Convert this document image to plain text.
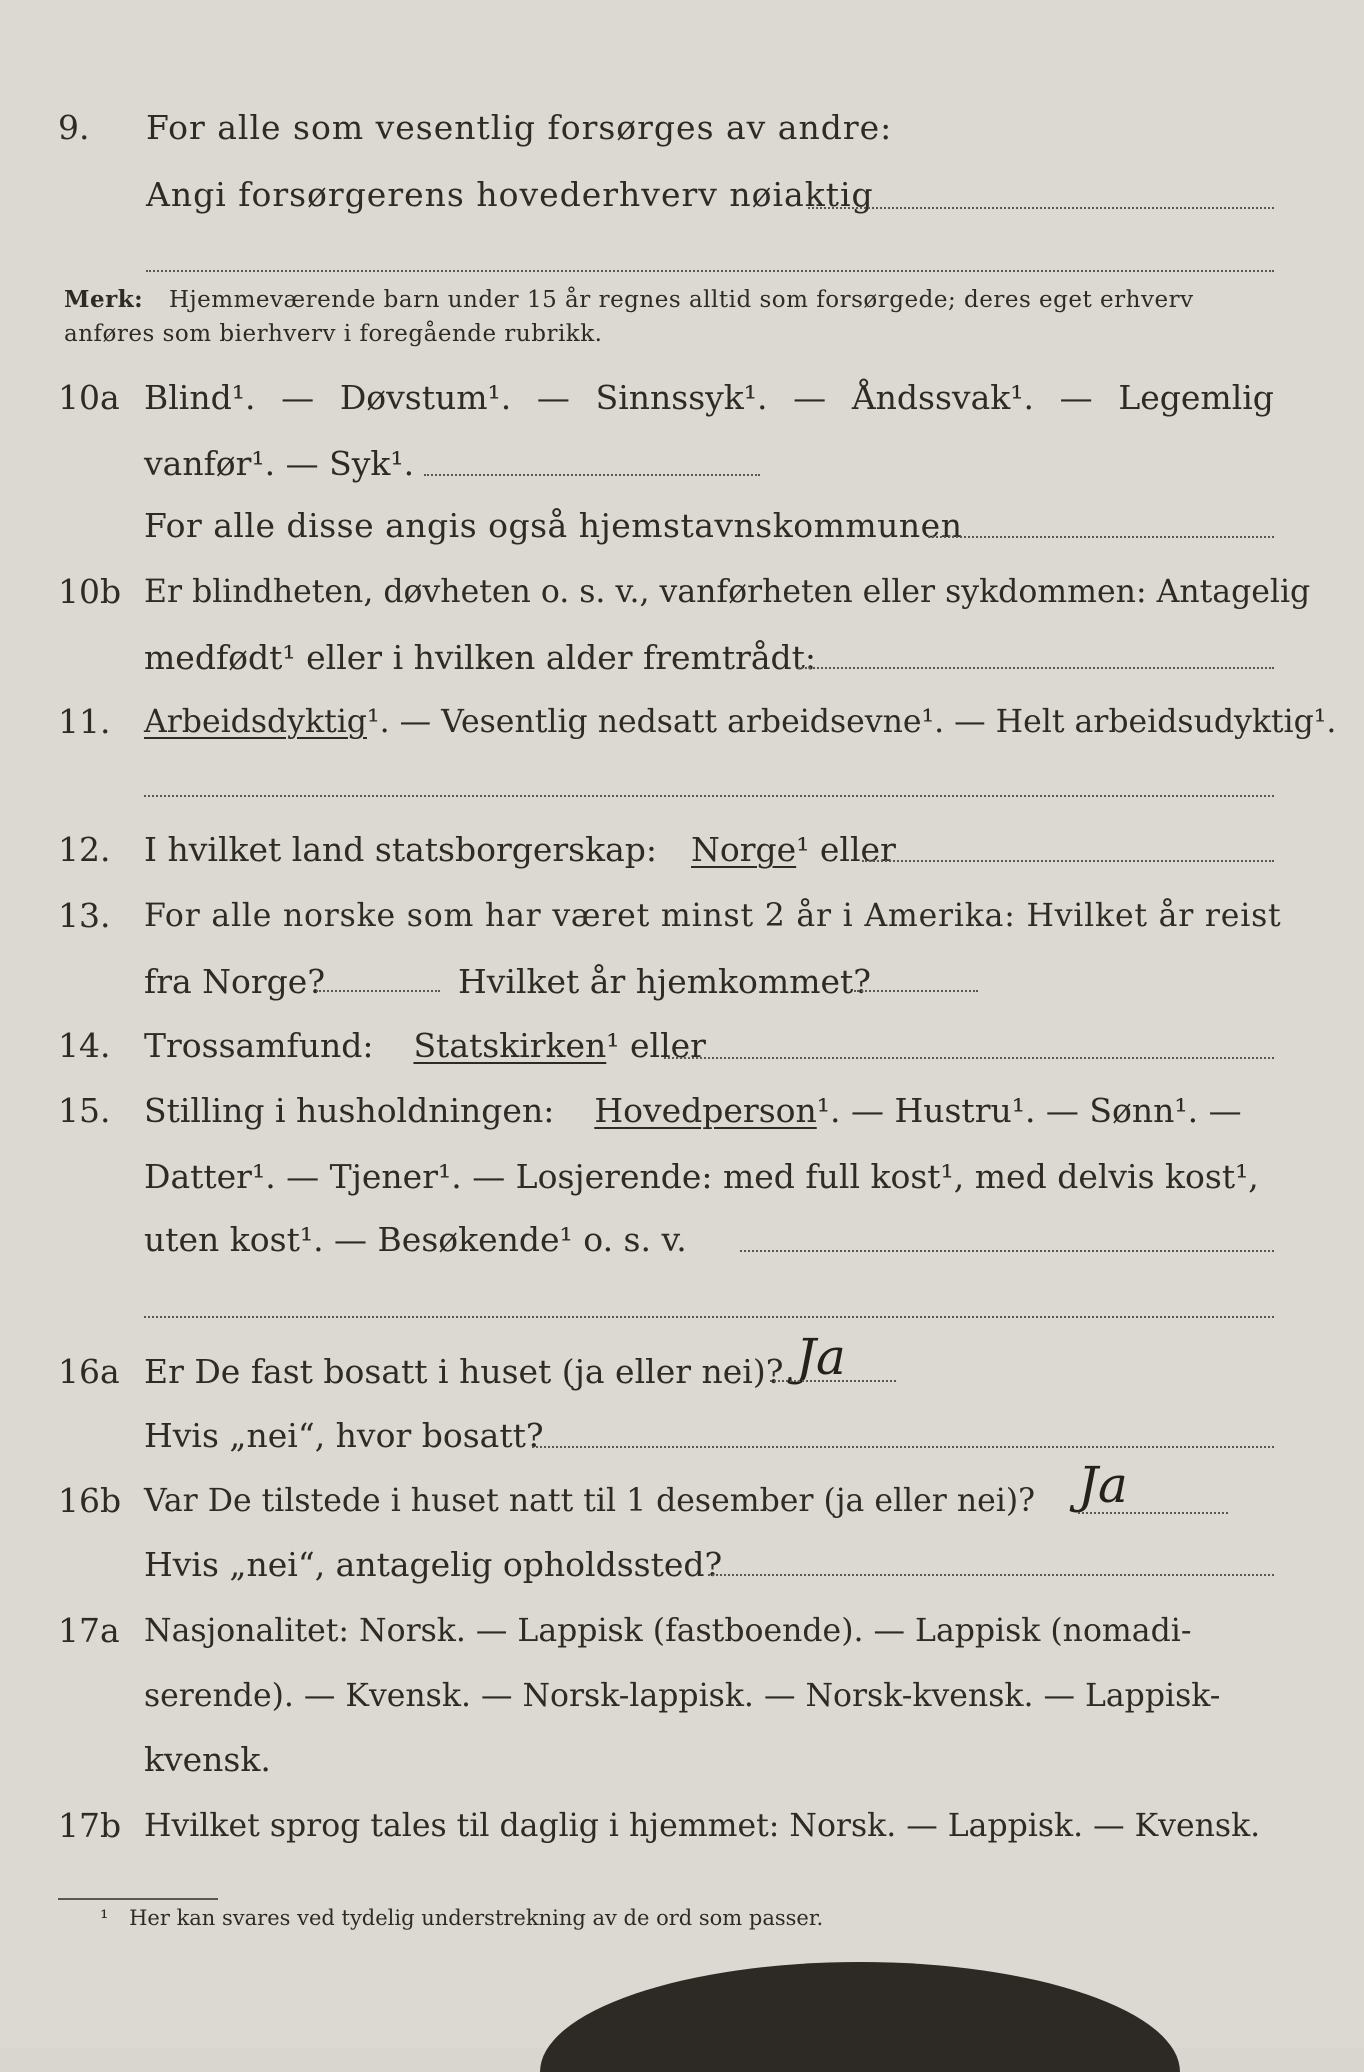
9. For alle som vesentlig forsørges av andre:
Angi forsørgerens hovederhverv nøiaktig
Merk: Hjemmeværende barn under 15 år regnes alltid som forsørgede; deres eget erhverv anføres som bierhverv i foregående rubrikk.
10a Blind¹. — Døvstum¹. — Sinnssyk¹. — Åndssvak¹. — Legemlig
vanfør¹. — Syk¹.
For alle disse angis også hjemstavnskommunen
10b Er blindheten, døvheten o. s. v., vanførheten eller sykdommen: Antagelig
medfødt¹ eller i hvilken alder fremtrådt:
11. Arbeidsdyktig¹. — Vesentlig nedsatt arbeidsevne¹. — Helt arbeidsudyktig¹.
12. I hvilket land statsborgerskap: Norge¹ eller
13. For alle norske som har været minst 2 år i Amerika: Hvilket år reist
fra Norge?	Hvilket år hjemkommet?
14. Trossamfund: Statskirken¹ eller
15. Stilling i husholdningen: Hovedperson¹. — Hustru¹. — Sønn¹. —
Datter¹. — Tjener¹. — Losjerende: med full kost¹, med delvis kost¹,
uten kost¹. — Besøkende¹ o. s. v.
16a Er De fast bosatt i huset (ja eller nei)? Ja
Hvis „nei“, hvor bosatt?
16b Var De tilstede i huset natt til 1 desember (ja eller nei)? Ja
Hvis „nei“, antagelig opholdssted?
17a Nasjonalitet: Norsk. — Lappisk (fastboende). — Lappisk (nomadi-
serende). — Kvensk. — Norsk-lappisk. — Norsk-kvensk. — Lappisk-
kvensk.
17b Hvilket sprog tales til daglig i hjemmet: Norsk. — Lappisk. — Kvensk.
¹ Her kan svares ved tydelig understrekning av de ord som passer.
